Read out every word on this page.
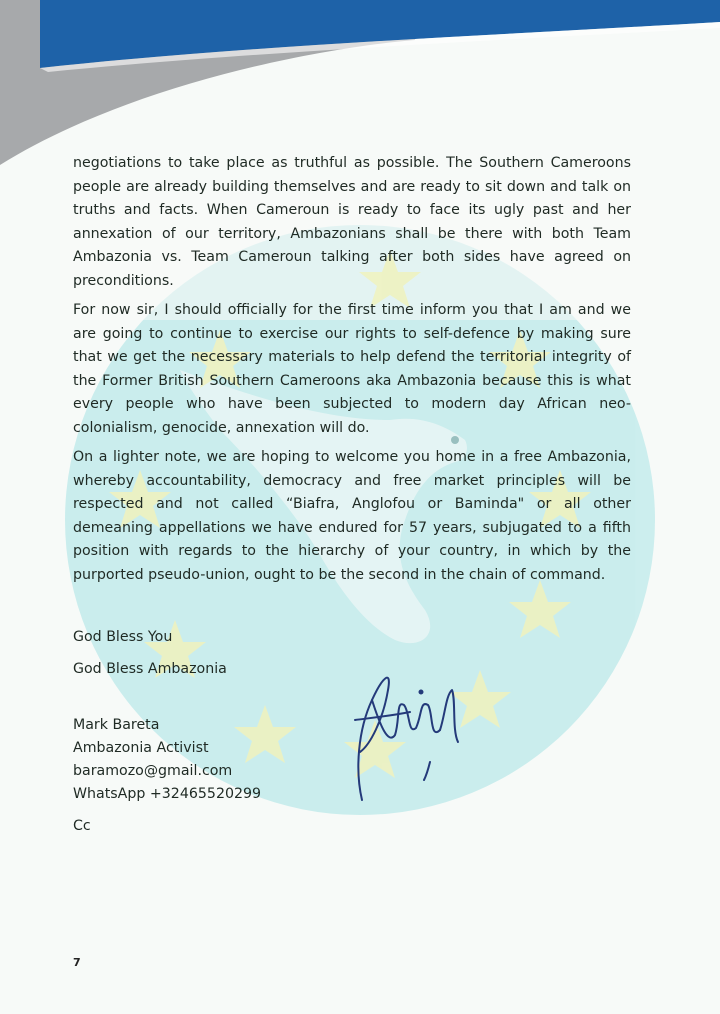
negotiations to take place as truthful as possible. The Southern Cameroons people are already building themselves and are ready to sit down and talk on truths and facts. When Cameroun is ready to face its ugly past and her annexation of our territory, Ambazonians shall be there with both Team Ambazonia vs. Team Cameroun talking after both sides have agreed on preconditions.

For now sir, I should officially for the first time inform you that I am and we are going to continue to exercise our rights to self-defence by making sure that we get the necessary materials to help defend the territorial integrity of the Former British Southern Cameroons aka Ambazonia because this is what every people who have been subjected to modern day African neo-colonialism, genocide, annexation will do.

On a lighter note, we are hoping to welcome you home in a free Ambazonia, whereby accountability, democracy and free market principles will be respected and not called “Biafra, Anglofou or Baminda" or all other demeaning appellations we have endured for 57 years, subjugated to a fifth position with regards to the hierarchy of your country, in which by the purported pseudo-union, ought to be the second in the chain of command.

God Bless You

God Bless Ambazonia

Mark Bareta

Ambazonia Activist

baramozo@gmail.com

WhatsApp +32465520299

Cc

7
